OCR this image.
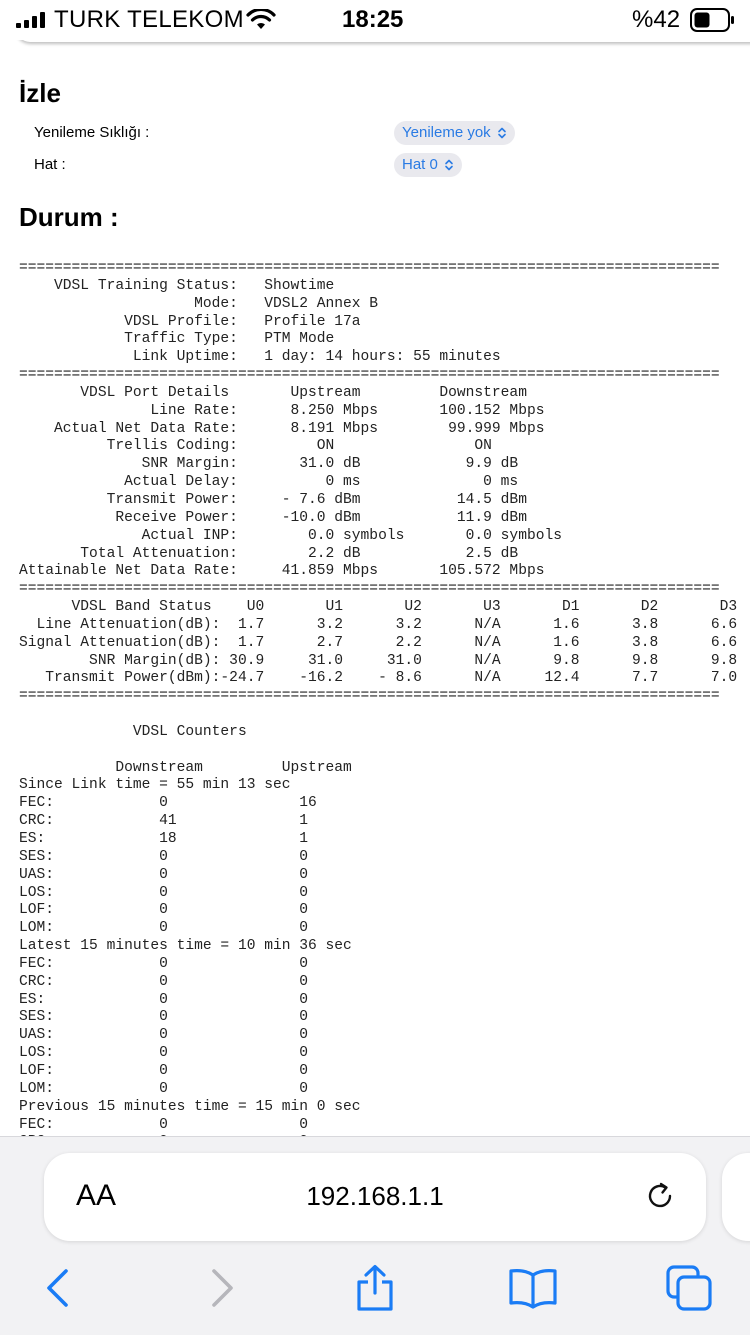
TURK TELEKOM	18:25	%42
İzle
Yenileme Sıklığı :	Yenileme yok
Hat :	Hat 0
Durum :
================================================================================
VDSL Training Status:   Showtime
Mode:   VDSL2 Annex B
VDSL Profile:   Profile 17a
Traffic Type:   PTM Mode
Link Uptime:   1 day: 14 hours: 55 minutes
================================================================================
VDSL Port Details       Upstream         Downstream
Line Rate:      8.250 Mbps       100.152 Mbps
Actual Net Data Rate:      8.191 Mbps        99.999 Mbps
Trellis Coding:         ON                ON
SNR Margin:       31.0 dB            9.9 dB
Actual Delay:          0 ms              0 ms
Transmit Power:     - 7.6 dBm           14.5 dBm
Receive Power:     -10.0 dBm           11.9 dBm
Actual INP:        0.0 symbols       0.0 symbols
Total Attenuation:        2.2 dB            2.5 dB
Attainable Net Data Rate:     41.859 Mbps       105.572 Mbps
================================================================================
VDSL Band Status    U0       U1       U2       U3       D1       D2       D3
Line Attenuation(dB):  1.7      3.2      3.2      N/A      1.6      3.8      6.6
Signal Attenuation(dB):  1.7      2.7      2.2      N/A      1.6      3.8      6.6
SNR Margin(dB): 30.9     31.0     31.0      N/A      9.8      9.8      9.8
Transmit Power(dBm):-24.7    -16.2    - 8.6      N/A     12.4      7.7      7.0
================================================================================

VDSL Counters

Downstream         Upstream
Since Link time = 55 min 13 sec
FEC:            0               16
CRC:            41              1
ES:             18              1
SES:            0               0
UAS:            0               0
LOS:            0               0
LOF:            0               0
LOM:            0               0
Latest 15 minutes time = 10 min 36 sec
FEC:            0               0
CRC:            0               0
ES:             0               0
SES:            0               0
UAS:            0               0
LOS:            0               0
LOF:            0               0
LOM:            0               0
Previous 15 minutes time = 15 min 0 sec
FEC:            0               0

AA	192.168.1.1
